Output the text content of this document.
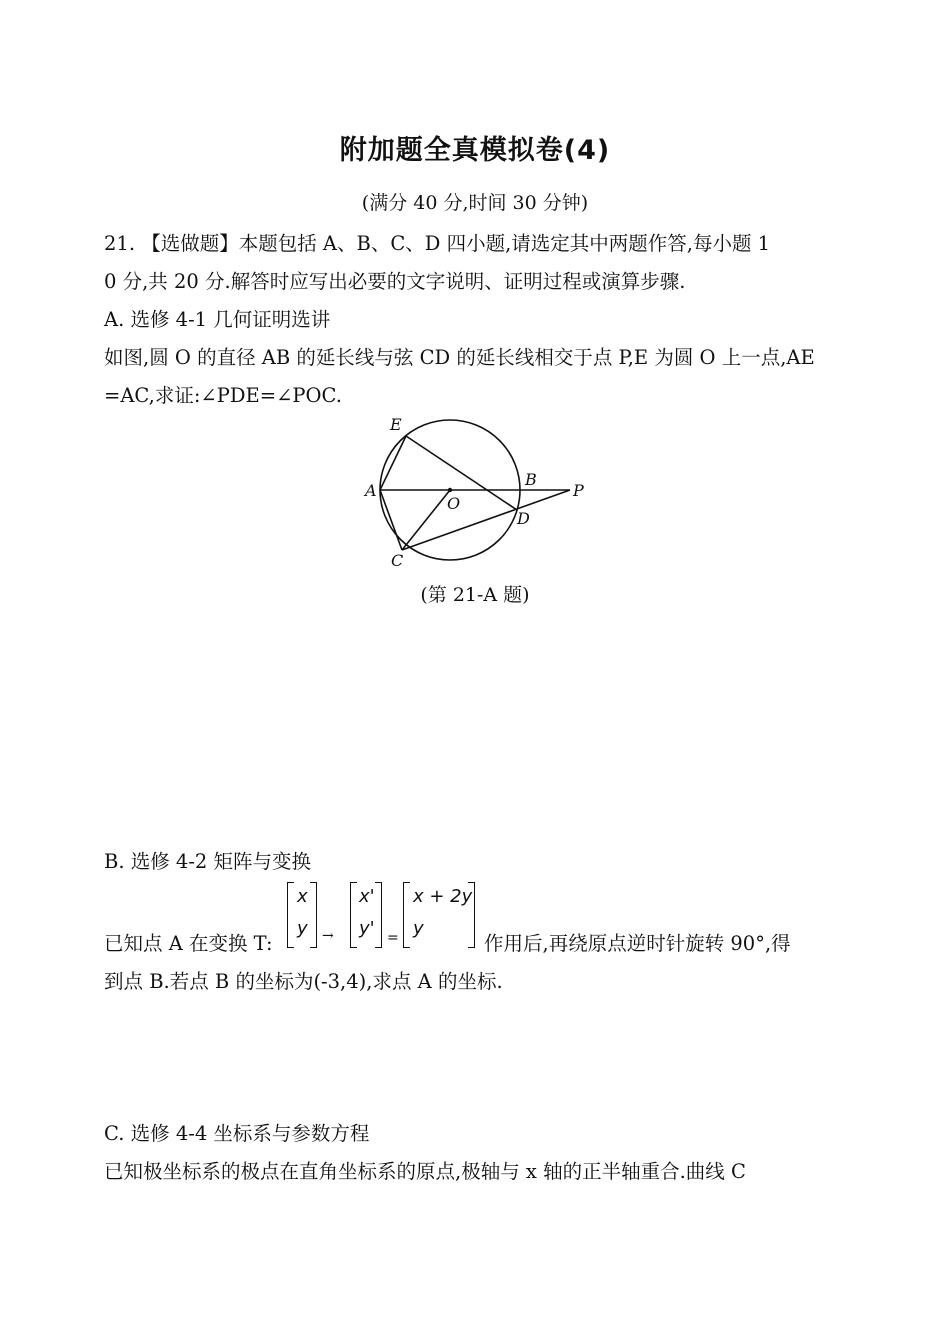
附加题全真模拟卷(4)
(满分 40 分,时间 30 分钟)
21. 【选做题】本题包括 A、B、C、D 四小题,请选定其中两题作答,每小题 1
0 分,共 20 分.解答时应写出必要的文字说明、证明过程或演算步骤.
A. 选修 4-1 几何证明选讲
如图,圆 O 的直径 AB 的延长线与弦 CD 的延长线相交于点 P,E 为圆 O 上一点,AE
=AC,求证:∠PDE=∠POC.
E
A
O
B
P
D
C
(第 21-A 题)
B. 选修 4-2 矩阵与变换
已知点 A 在变换 T:
x
y →
x'
y' =
x + 2y
y
作用后,再绕原点逆时针旋转 90°,得
到点 B.若点 B 的坐标为(-3,4),求点 A 的坐标.
C. 选修 4-4 坐标系与参数方程
已知极坐标系的极点在直角坐标系的原点,极轴与 x 轴的正半轴重合.曲线 C
